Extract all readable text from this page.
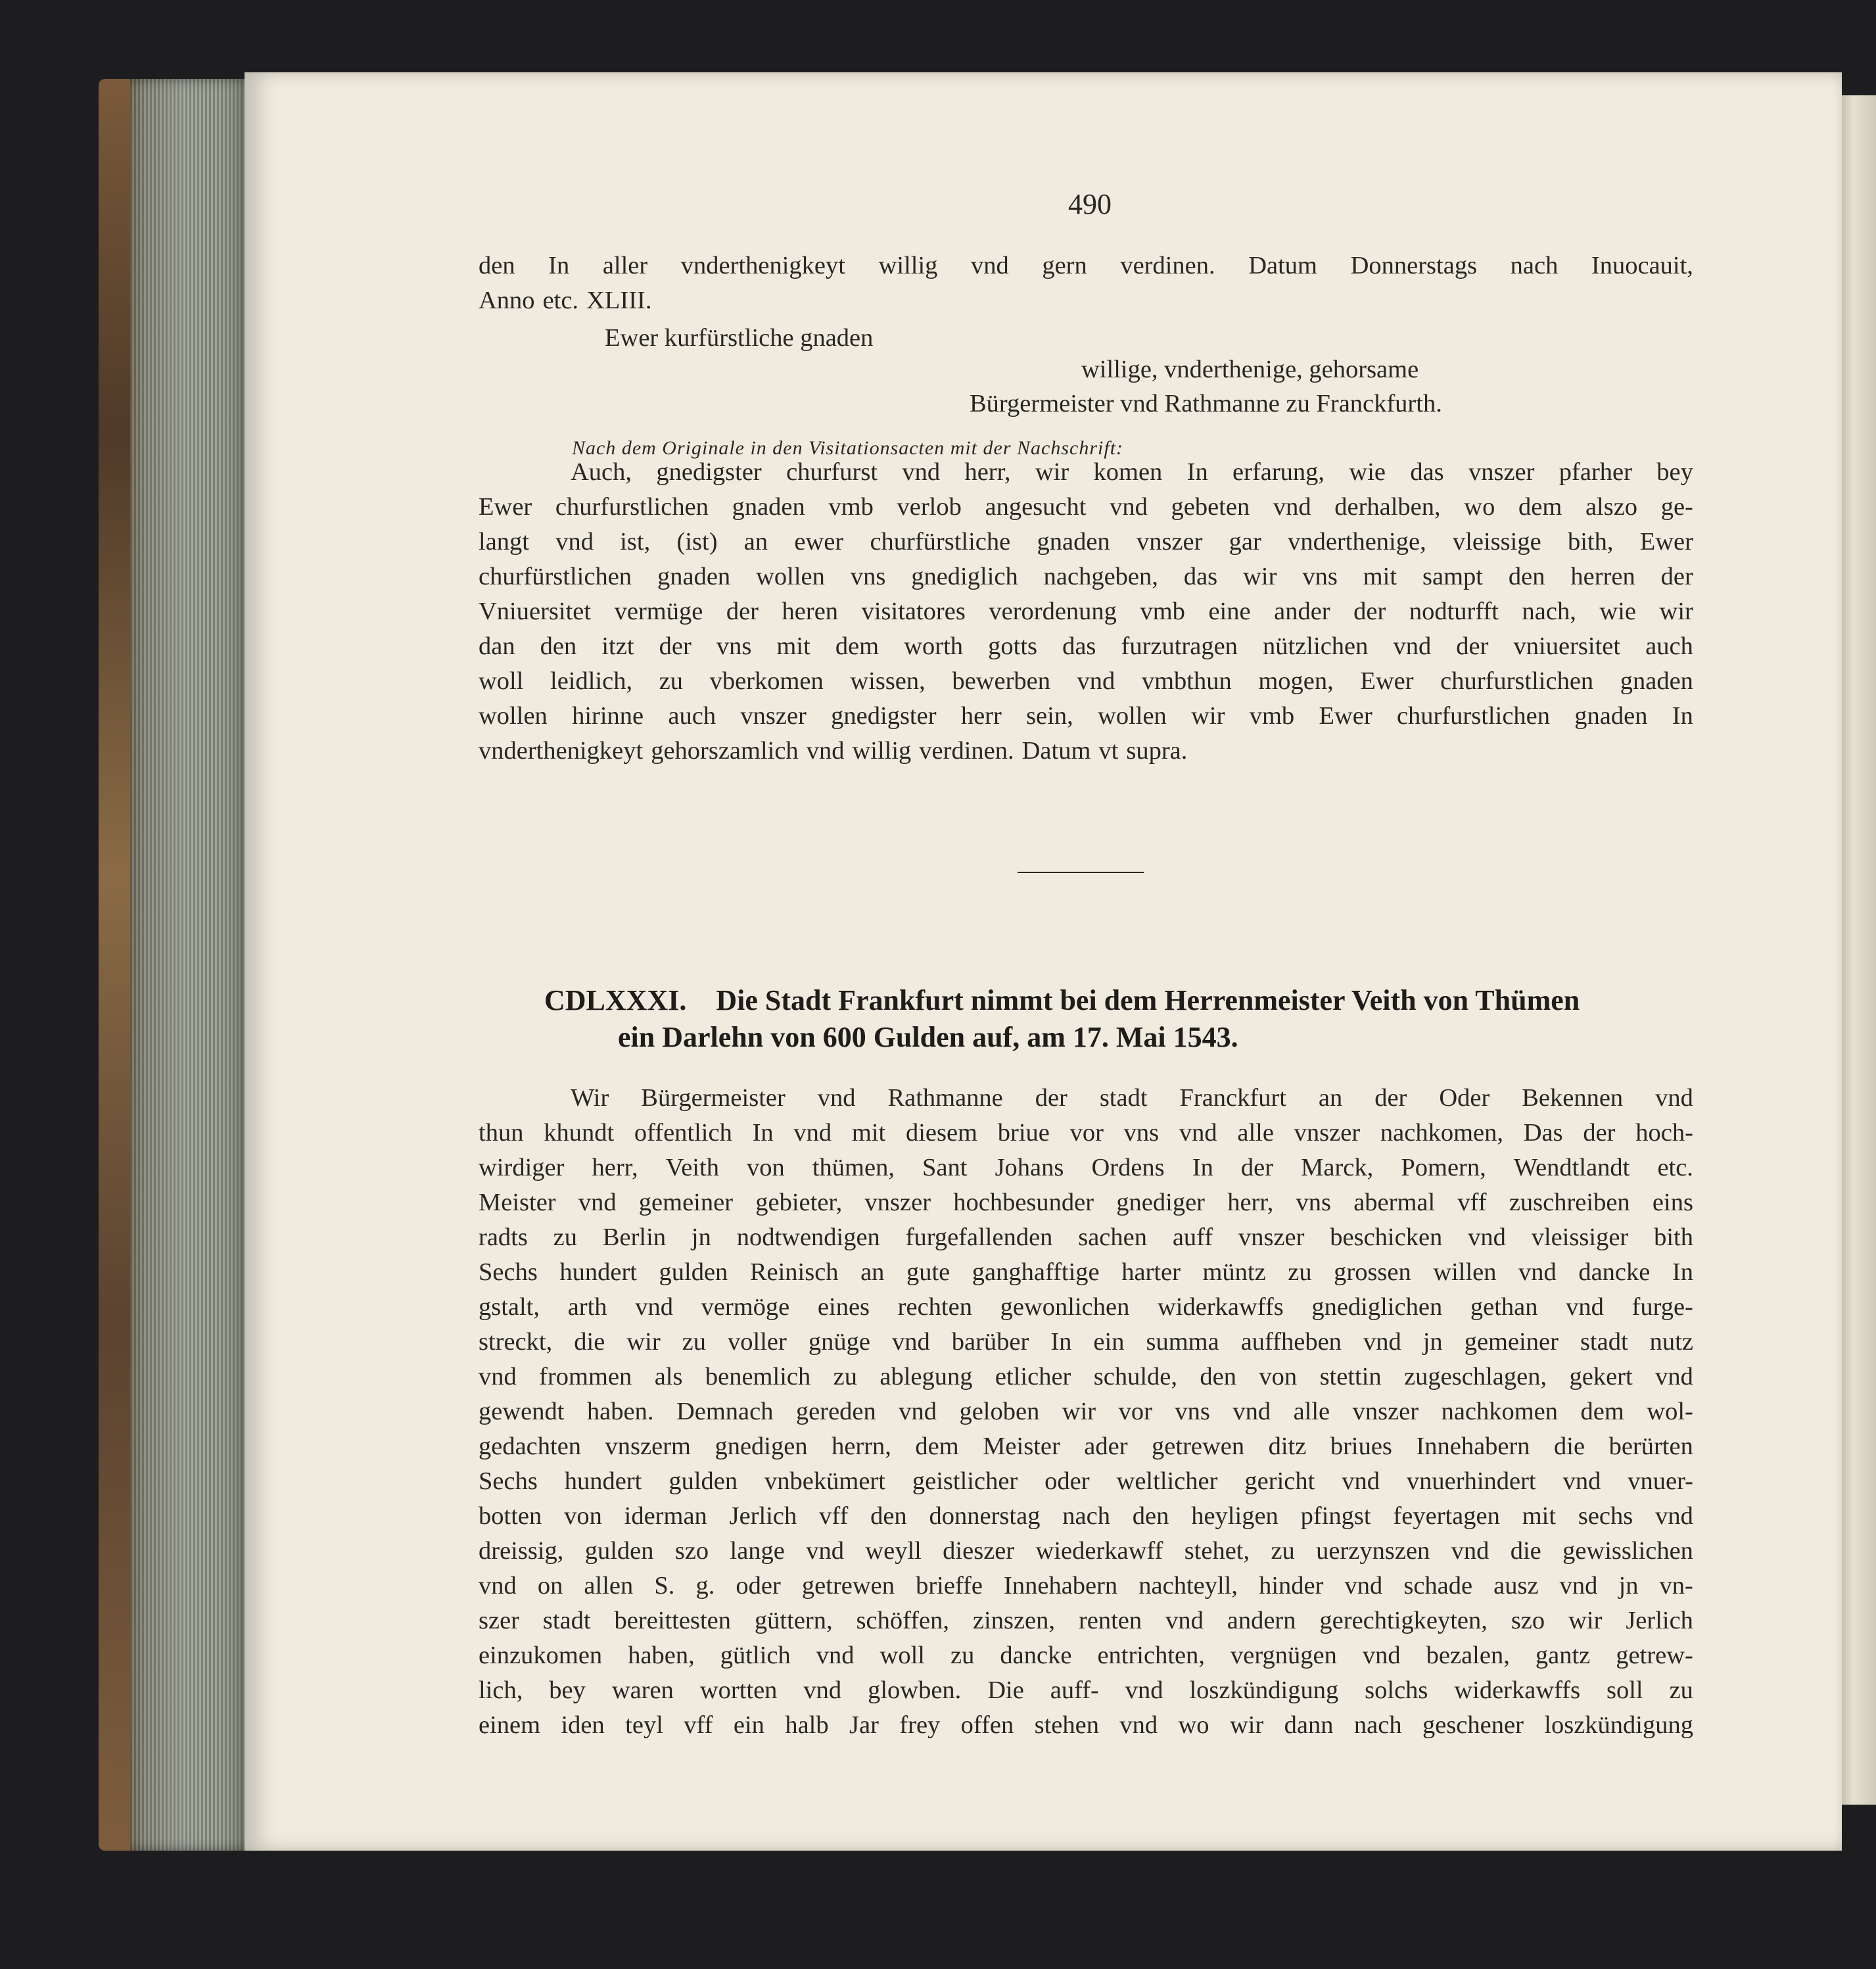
490
den In aller vnderthenigkeyt willig vnd gern verdinen. Datum Donnerstags nach Inuocauit,
Anno etc. XLIII.
Ewer kurfürstliche gnaden
willige, vnderthenige, gehorsame
Bürgermeister vnd Rathmanne zu Franckfurth.
Nach dem Originale in den Visitationsacten mit der Nachschrift:
Auch, gnedigster churfurst vnd herr, wir komen In erfarung, wie das vnszer pfarher bey
Ewer churfurstlichen gnaden vmb verlob angesucht vnd gebeten vnd derhalben, wo dem alszo ge-
langt vnd ist, (ist) an ewer churfürstliche gnaden vnszer gar vnderthenige, vleissige bith, Ewer
churfürstlichen gnaden wollen vns gnediglich nachgeben, das wir vns mit sampt den herren der
Vniuersitet vermüge der heren visitatores verordenung vmb eine ander der nodturfft nach, wie wir
dan den itzt der vns mit dem worth gotts das furzutragen nützlichen vnd der vniuersitet auch
woll leidlich, zu vberkomen wissen, bewerben vnd vmbthun mogen, Ewer churfurstlichen gnaden
wollen hirinne auch vnszer gnedigster herr sein, wollen wir vmb Ewer churfurstlichen gnaden In
vnderthenigkeyt gehorszamlich vnd willig verdinen. Datum vt supra.
CDLXXXI. Die Stadt Frankfurt nimmt bei dem Herrenmeister Veith von Thümen
ein Darlehn von 600 Gulden auf, am 17. Mai 1543.
Wir Bürgermeister vnd Rathmanne der stadt Franckfurt an der Oder Bekennen vnd
thun khundt offentlich In vnd mit diesem briue vor vns vnd alle vnszer nachkomen, Das der hoch-
wirdiger herr, Veith von thümen, Sant Johans Ordens In der Marck, Pomern, Wendtlandt etc.
Meister vnd gemeiner gebieter, vnszer hochbesunder gnediger herr, vns abermal vff zuschreiben eins
radts zu Berlin jn nodtwendigen furgefallenden sachen auff vnszer beschicken vnd vleissiger bith
Sechs hundert gulden Reinisch an gute ganghafftige harter müntz zu grossen willen vnd dancke In
gstalt, arth vnd vermöge eines rechten gewonlichen widerkawffs gnediglichen gethan vnd furge-
streckt, die wir zu voller gnüge vnd barüber In ein summa auffheben vnd jn gemeiner stadt nutz
vnd frommen als benemlich zu ablegung etlicher schulde, den von stettin zugeschlagen, gekert vnd
gewendt haben. Demnach gereden vnd geloben wir vor vns vnd alle vnszer nachkomen dem wol-
gedachten vnszerm gnedigen herrn, dem Meister ader getrewen ditz briues Innehabern die berürten
Sechs hundert gulden vnbekümert geistlicher oder weltlicher gericht vnd vnuerhindert vnd vnuer-
botten von iderman Jerlich vff den donnerstag nach den heyligen pfingst feyertagen mit sechs vnd
dreissig, gulden szo lange vnd weyll dieszer wiederkawff stehet, zu uerzynszen vnd die gewisslichen
vnd on allen S. g. oder getrewen brieffe Innehabern nachteyll, hinder vnd schade ausz vnd jn vn-
szer stadt bereittesten güttern, schöffen, zinszen, renten vnd andern gerechtigkeyten, szo wir Jerlich
einzukomen haben, gütlich vnd woll zu dancke entrichten, vergnügen vnd bezalen, gantz getrew-
lich, bey waren wortten vnd glowben. Die auff- vnd loszkündigung solchs widerkawffs soll zu
einem iden teyl vff ein halb Jar frey offen stehen vnd wo wir dann nach geschener loszkündigung
